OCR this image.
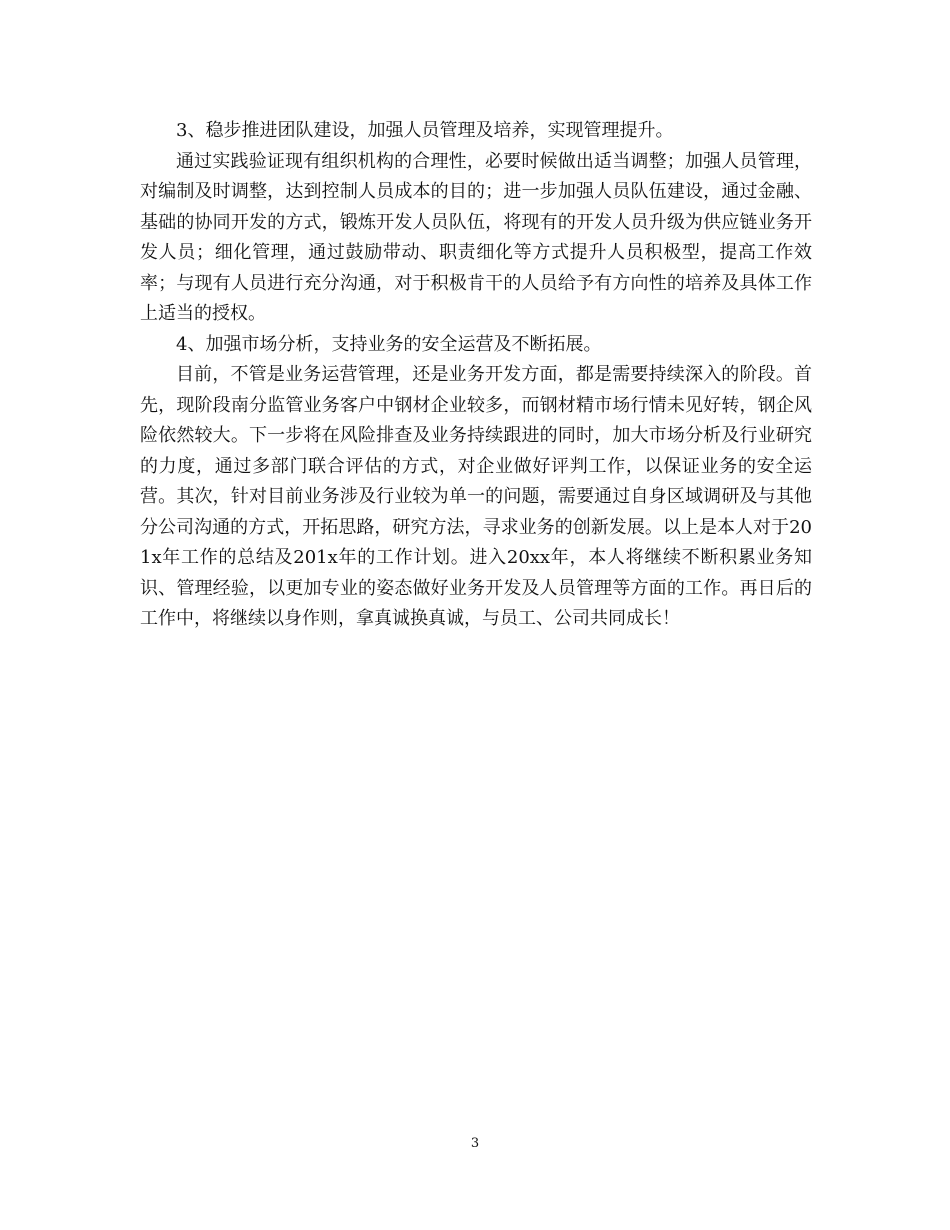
3、稳步推进团队建设，加强人员管理及培养，实现管理提升。

通过实践验证现有组织机构的合理性，必要时候做出适当调整；加强人员管理，对编制及时调整，达到控制人员成本的目的；进一步加强人员队伍建设，通过金融、基础的协同开发的方式，锻炼开发人员队伍，将现有的开发人员升级为供应链业务开发人员；细化管理，通过鼓励带动、职责细化等方式提升人员积极型，提高工作效率；与现有人员进行充分沟通，对于积极肯干的人员给予有方向性的培养及具体工作上适当的授权。

4、加强市场分析，支持业务的安全运营及不断拓展。

目前，不管是业务运营管理，还是业务开发方面，都是需要持续深入的阶段。首先，现阶段南分监管业务客户中钢材企业较多，而钢材精市场行情未见好转，钢企风险依然较大。下一步将在风险排查及业务持续跟进的同时，加大市场分析及行业研究的力度，通过多部门联合评估的方式，对企业做好评判工作，以保证业务的安全运营。其次，针对目前业务涉及行业较为单一的问题，需要通过自身区域调研及与其他分公司沟通的方式，开拓思路，研究方法，寻求业务的创新发展。以上是本人对于201x年工作的总结及201x年的工作计划。进入20xx年，本人将继续不断积累业务知识、管理经验，以更加专业的姿态做好业务开发及人员管理等方面的工作。再日后的工作中，将继续以身作则，拿真诚换真诚，与员工、公司共同成长！

3
